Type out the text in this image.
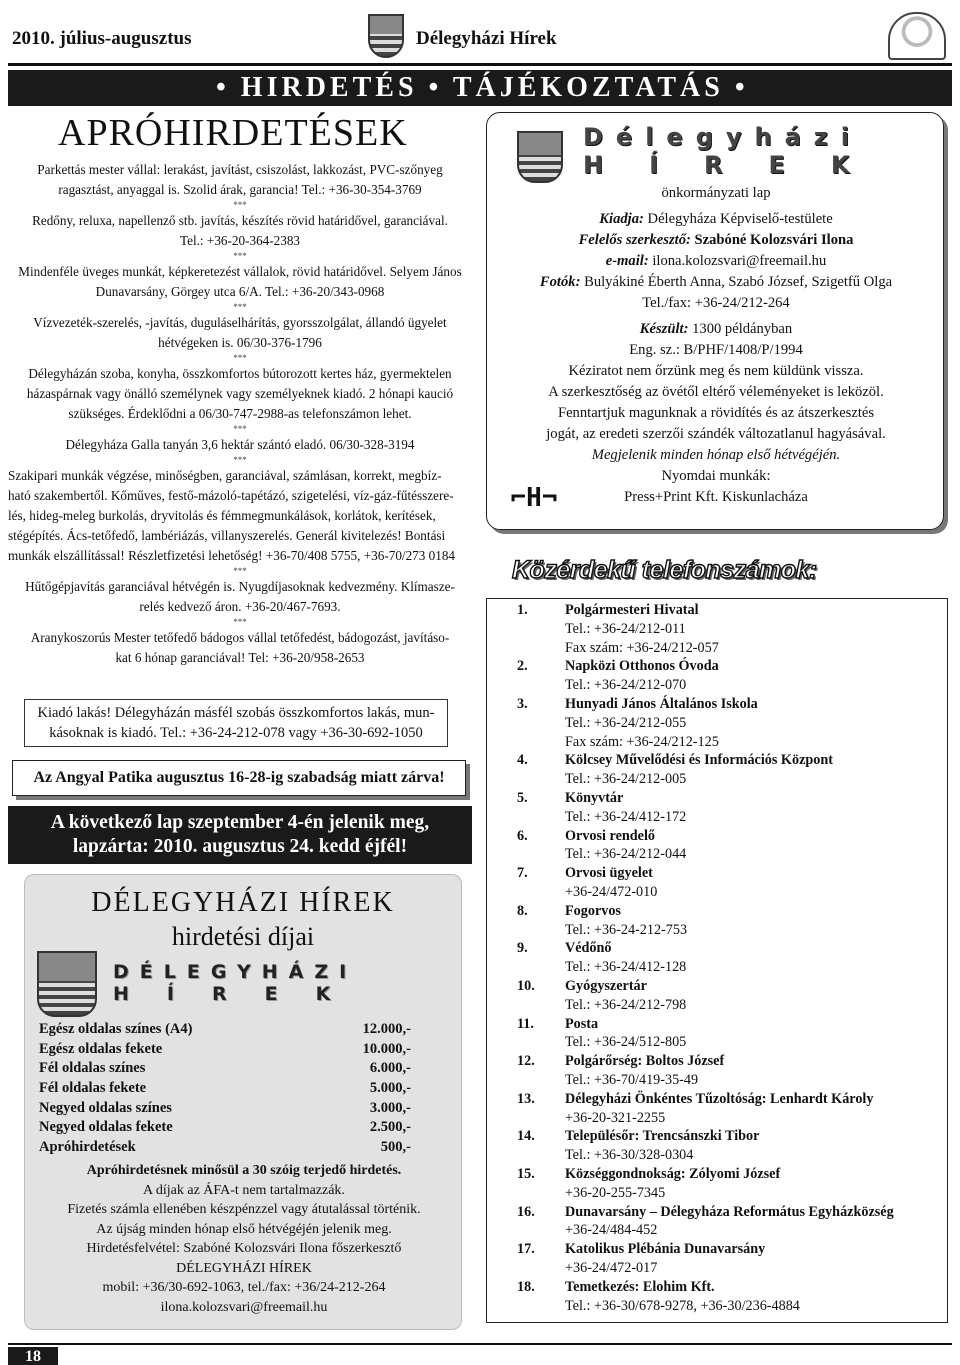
2010. július-augusztus	Délegyházi Hírek
• HIRDETÉS • TÁJÉKOZTATÁS •
APRÓHIRDETÉSEK

Parkettás mester vállal: lerakást, javítást, csiszolást, lakkozást, PVC-szőnyeg

ragasztást, anyaggal is. Szolid árak, garancia! Tel.: +36-30-354-3769

***

Redőny, reluxa, napellenző stb. javítás, készítés rövid határidővel, garanciával.

Tel.: +36-20-364-2383

***

Mindenféle üveges munkát, képkeretezést vállalok, rövid határidővel. Selyem János

Dunavarsány, Görgey utca 6/A. Tel.: +36-20/343-0968

***

Vízvezeték-szerelés, -javítás, duguláselhárítás, gyorsszolgálat, állandó ügyelet

hétvégeken is. 06/30-376-1796

***

Délegyházán szoba, konyha, összkomfortos bútorozott kertes ház, gyermektelen

házaspárnak vagy önálló személynek vagy személyeknek kiadó. 2 hónapi kaució

szükséges. Érdeklődni a 06/30-747-2988-as telefonszámon lehet.

***

Délegyháza Galla tanyán 3,6 hektár szántó eladó. 06/30-328-3194

***

Szakipari munkák végzése, minőségben, garanciával, számlásan, korrekt, megbíz-

ható szakembertől. Kőműves, festő-mázoló-tapétázó, szigetelési, víz-gáz-fűtésszere-

lés, hideg-meleg burkolás, dryvitolás és fémmegmunkálások, korlátok, kerítések,

stégépítés. Ács-tetőfedő, lambériázás, villanyszerelés. Generál kivitelezés! Bontási

munkák elszállítással! Részletfizetési lehetőség! +36-70/408 5755, +36-70/273 0184

***

Hűtőgépjavítás garanciával hétvégén is. Nyugdíjasoknak kedvezmény. Klímasze-

relés kedvező áron. +36-20/467-7693.

***

Aranykoszorús Mester tetőfedő bádogos vállal tetőfedést, bádogozást, javításo-

kat 6 hónap garanciával! Tel: +36-20/958-2653

Kiadó lakás! Délegyházán másfél szobás összkomfortos lakás, mun-
kásoknak is kiadó. Tel.: +36-24-212-078 vagy +36-30-692-1050
Az Angyal Patika augusztus 16-28-ig szabadság miatt zárva!
A következő lap szeptember 4-én jelenik meg,
lapzárta: 2010. augusztus 24. kedd éjfél!
DÉLEGYHÁZI HÍREK
hirdetési díjai
DÉLEGYHÁZI
HÍREK
Egész oldalas színes (A4)	12.000,-
Egész oldalas fekete	10.000,-
Fél oldalas színes	6.000,-
Fél oldalas fekete	5.000,-
Negyed oldalas színes	3.000,-
Negyed oldalas fekete	2.500,-
Apróhirdetések	500,-
Apróhirdetésnek minősül a 30 szóig terjedő hirdetés.
A díjak az ÁFA-t nem tartalmazzák.
Fizetés számla ellenében készpénzzel vagy átutalással történik.
Az újság minden hónap első hétvégéjén jelenik meg.
Hirdetésfelvétel: Szabóné Kolozsvári Ilona főszerkesztő
DÉLEGYHÁZI HÍREK
mobil: +36/30-692-1063, tel./fax: +36/24-212-264
ilona.kolozsvari@freemail.hu
Délegyházi
HÍREK
önkormányzati lap
Kiadja: Délegyháza Képviselő-testülete
Felelős szerkesztő: Szabóné Kolozsvári Ilona
e-mail: ilona.kolozsvari@freemail.hu
Fotók: Bulyákiné Éberth Anna, Szabó József, Szigetfű Olga
Tel./fax: +36-24/212-264
Készült: 1300 példányban
Eng. sz.: B/PHF/1408/P/1994
Kéziratot nem őrzünk meg és nem küldünk vissza.
A szerkesztőség az övétől eltérő véleményeket is leközöl.
Fenntartjuk magunknak a rövidítés és az átszerkesztés
jogát, az eredeti szerzői szándék változatlanul hagyásával.
Megjelenik minden hónap első hétvégéjén.
Nyomdai munkák:
Press+Print Kft. Kiskunlacháza
⌐ H ¬
Közérdekű telefonszámok:
1.	Polgármesteri Hivatal
Tel.: +36-24/212-011
Fax szám: +36-24/212-057
2.	Napközi Otthonos Óvoda
Tel.: +36-24/212-070
3.	Hunyadi János Általános Iskola
Tel.: +36-24/212-055
Fax szám: +36-24/212-125
4.	Kölcsey Művelődési és Információs Központ
Tel.: +36-24/212-005
5.	Könyvtár
Tel.: +36-24/412-172
6.	Orvosi rendelő
Tel.: +36-24/212-044
7.	Orvosi ügyelet
+36-24/472-010
8.	Fogorvos
Tel.: +36-24-212-753
9.	Védőnő
Tel.: +36-24/412-128
10. Gyógyszertár
Tel.: +36-24/212-798
11. Posta
Tel.: +36-24/512-805
12. Polgárőrség: Boltos József
Tel.: +36-70/419-35-49
13. Délegyházi Önkéntes Tűzoltóság: Lenhardt Károly
+36-20-321-2255
14. Településőr: Trencsánszki Tibor
Tel.: +36-30/328-0304
15. Községgondnokság: Zólyomi József
+36-20-255-7345
16. Dunavarsány – Délegyháza Református Egyházközség
+36-24/484-452
17. Katolikus Plébánia Dunavarsány
+36-24/472-017
18. Temetkezés: Elohim Kft.
Tel.: +36-30/678-9278, +36-30/236-4884
18
